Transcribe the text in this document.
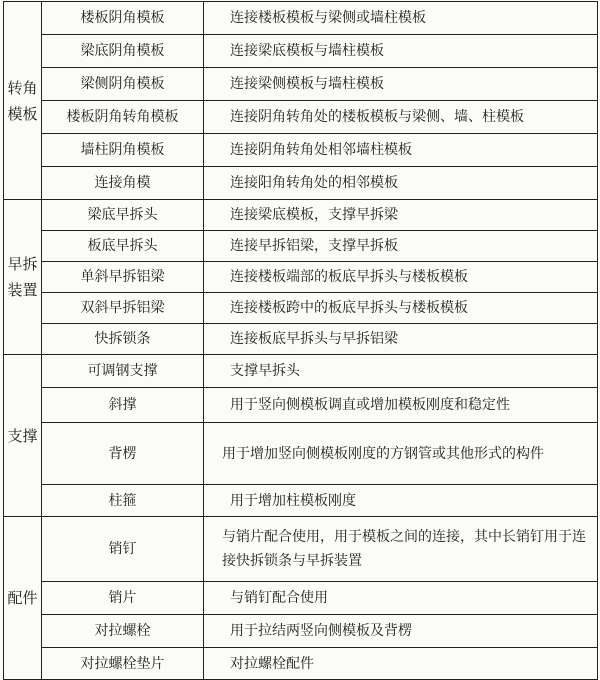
转角
模板	楼板阴角模板	连接楼板模板与梁侧或墙柱模板
	梁底阴角模板	连接梁底模板与墙柱模板
	梁侧阴角模板	连接梁侧模板与墙柱模板
	楼板阴角转角模板	连接阴角转角处的楼板模板与梁侧、墙、柱模板
	墙柱阴角模板	连接阴角转角处相邻墙柱模板
	连接角模	连接阳角转角处的相邻模板

早拆
装置	梁底早拆头	连接梁底模板，支撑早拆梁
	板底早拆头	连接早拆铝梁，支撑早拆板
	单斜早拆铝梁	连接楼板端部的板底早拆头与楼板模板
	双斜早拆铝梁	连接楼板跨中的板底早拆头与楼板模板
	快拆锁条	连接板底早拆头与早拆铝梁

支撑	可调钢支撑	支撑早拆头
	斜撑	用于竖向侧模板调直或增加模板刚度和稳定性
	背楞	用于增加竖向侧模板刚度的方钢管或其他形式的构件
	柱箍	用于增加柱模板刚度

配件	销钉	与销片配合使用，用于模板之间的连接，其中长销钉用于连接快拆锁条与早拆装置
	销片	与销钉配合使用
	对拉螺栓	用于拉结两竖向侧模板及背楞
	对拉螺栓垫片	对拉螺栓配件
